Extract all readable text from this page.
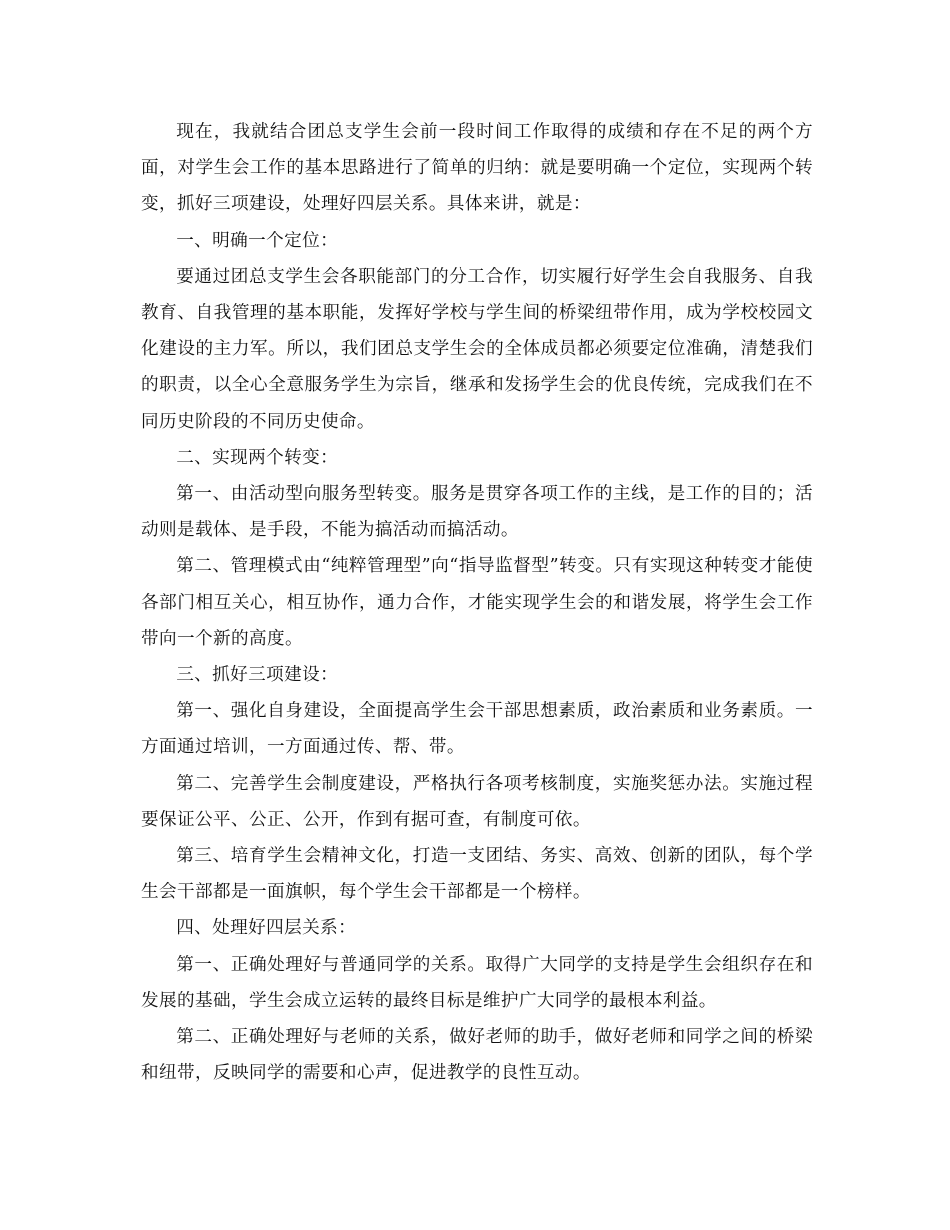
现在，我就结合团总支学生会前一段时间工作取得的成绩和存在不足的两个方面，对学生会工作的基本思路进行了简单的归纳：就是要明确一个定位，实现两个转变，抓好三项建设，处理好四层关系。具体来讲，就是：

一、明确一个定位：

要通过团总支学生会各职能部门的分工合作，切实履行好学生会自我服务、自我教育、自我管理的基本职能，发挥好学校与学生间的桥梁纽带作用，成为学校校园文化建设的主力军。所以，我们团总支学生会的全体成员都必须要定位准确，清楚我们的职责，以全心全意服务学生为宗旨，继承和发扬学生会的优良传统，完成我们在不同历史阶段的不同历史使命。

二、实现两个转变：

第一、由活动型向服务型转变。服务是贯穿各项工作的主线，是工作的目的；活动则是载体、是手段，不能为搞活动而搞活动。

第二、管理模式由“纯粹管理型”向“指导监督型”转变。只有实现这种转变才能使各部门相互关心，相互协作，通力合作，才能实现学生会的和谐发展，将学生会工作带向一个新的高度。

三、抓好三项建设：

第一、强化自身建设，全面提高学生会干部思想素质，政治素质和业务素质。一方面通过培训，一方面通过传、帮、带。

第二、完善学生会制度建设，严格执行各项考核制度，实施奖惩办法。实施过程要保证公平、公正、公开，作到有据可查，有制度可依。

第三、培育学生会精神文化，打造一支团结、务实、高效、创新的团队，每个学生会干部都是一面旗帜，每个学生会干部都是一个榜样。

四、处理好四层关系：

第一、正确处理好与普通同学的关系。取得广大同学的支持是学生会组织存在和发展的基础，学生会成立运转的最终目标是维护广大同学的最根本利益。

第二、正确处理好与老师的关系，做好老师的助手，做好老师和同学之间的桥梁和纽带，反映同学的需要和心声，促进教学的良性互动。
